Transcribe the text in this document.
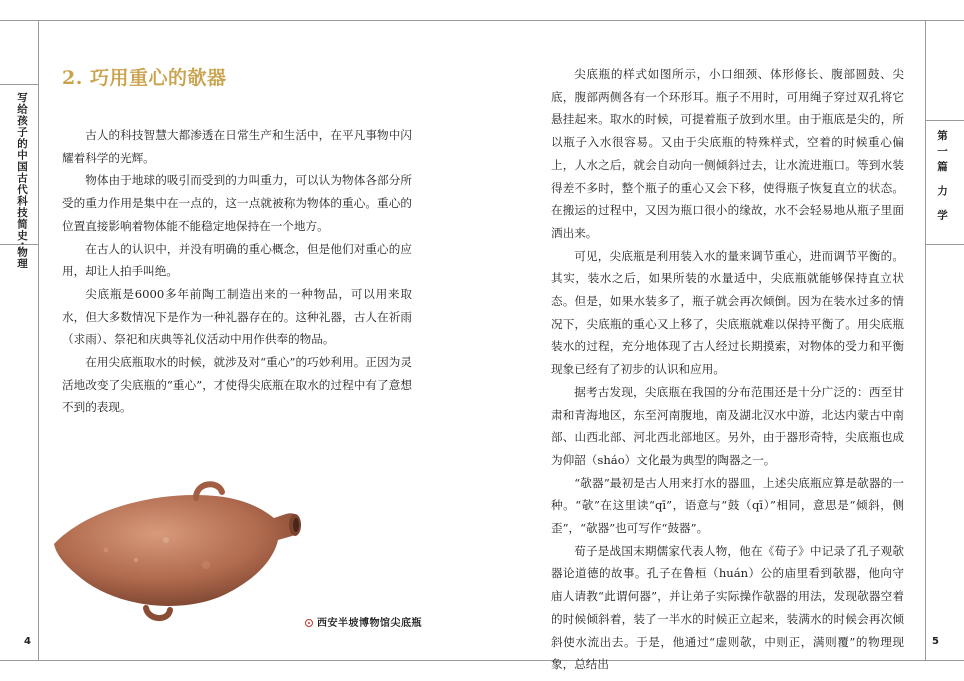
写给孩子的中国古代科技简史·物理	第一篇 力 学
4	5
2. 巧用重心的欹器

古人的科技智慧大都渗透在日常生产和生活中，在平凡事物中闪耀着科学的光辉。

物体由于地球的吸引而受到的力叫重力，可以认为物体各部分所受的重力作用是集中在一点的，这一点就被称为物体的重心。重心的位置直接影响着物体能不能稳定地保持在一个地方。

在古人的认识中，并没有明确的重心概念，但是他们对重心的应用，却让人拍手叫绝。

尖底瓶是6000多年前陶工制造出来的一种物品，可以用来取水，但大多数情况下是作为一种礼器存在的。这种礼器，古人在祈雨（求雨）、祭祀和庆典等礼仪活动中用作供奉的物品。

在用尖底瓶取水的时候，就涉及对“重心”的巧妙利用。正因为灵活地改变了尖底瓶的“重心”，才使得尖底瓶在取水的过程中有了意想不到的表现。

西安半坡博物馆尖底瓶

尖底瓶的样式如图所示，小口细颈、体形修长、腹部圆鼓、尖底，腹部两侧各有一个环形耳。瓶子不用时，可用绳子穿过双孔将它悬挂起来。取水的时候，可提着瓶子放到水里。由于瓶底是尖的，所以瓶子入水很容易。又由于尖底瓶的特殊样式，空着的时候重心偏上，人水之后，就会自动向一侧倾斜过去，让水流进瓶口。等到水装得差不多时，整个瓶子的重心又会下移，使得瓶子恢复直立的状态。在搬运的过程中，又因为瓶口很小的缘故，水不会轻易地从瓶子里面洒出来。

可见，尖底瓶是利用装入水的量来调节重心，进而调节平衡的。其实，装水之后，如果所装的水量适中，尖底瓶就能够保持直立状态。但是，如果水装多了，瓶子就会再次倾倒。因为在装水过多的情况下，尖底瓶的重心又上移了，尖底瓶就难以保持平衡了。用尖底瓶装水的过程，充分地体现了古人经过长期摸索，对物体的受力和平衡现象已经有了初步的认识和应用。

据考古发现，尖底瓶在我国的分布范围还是十分广泛的：西至甘肃和青海地区，东至河南腹地，南及湖北汉水中游，北达内蒙古中南部、山西北部、河北西北部地区。另外，由于器形奇特，尖底瓶也成为仰韶（sháo）文化最为典型的陶器之一。

“欹器”最初是古人用来打水的器皿，上述尖底瓶应算是欹器的一种。“欹”在这里读“qī”，语意与“鼓（qī）”相同，意思是“倾斜，侧歪”，“欹器”也可写作“鼓器”。

荀子是战国末期儒家代表人物，他在《荀子》中记录了孔子观欹器论道德的故事。孔子在鲁桓（huán）公的庙里看到欹器，他向守庙人请教“此谓何器”，并让弟子实际操作欹器的用法，发现欹器空着的时候倾斜着，装了一半水的时候正立起来，装满水的时候会再次倾斜使水流出去。于是，他通过“虚则欹，中则正，满则覆”的物理现象，总结出
